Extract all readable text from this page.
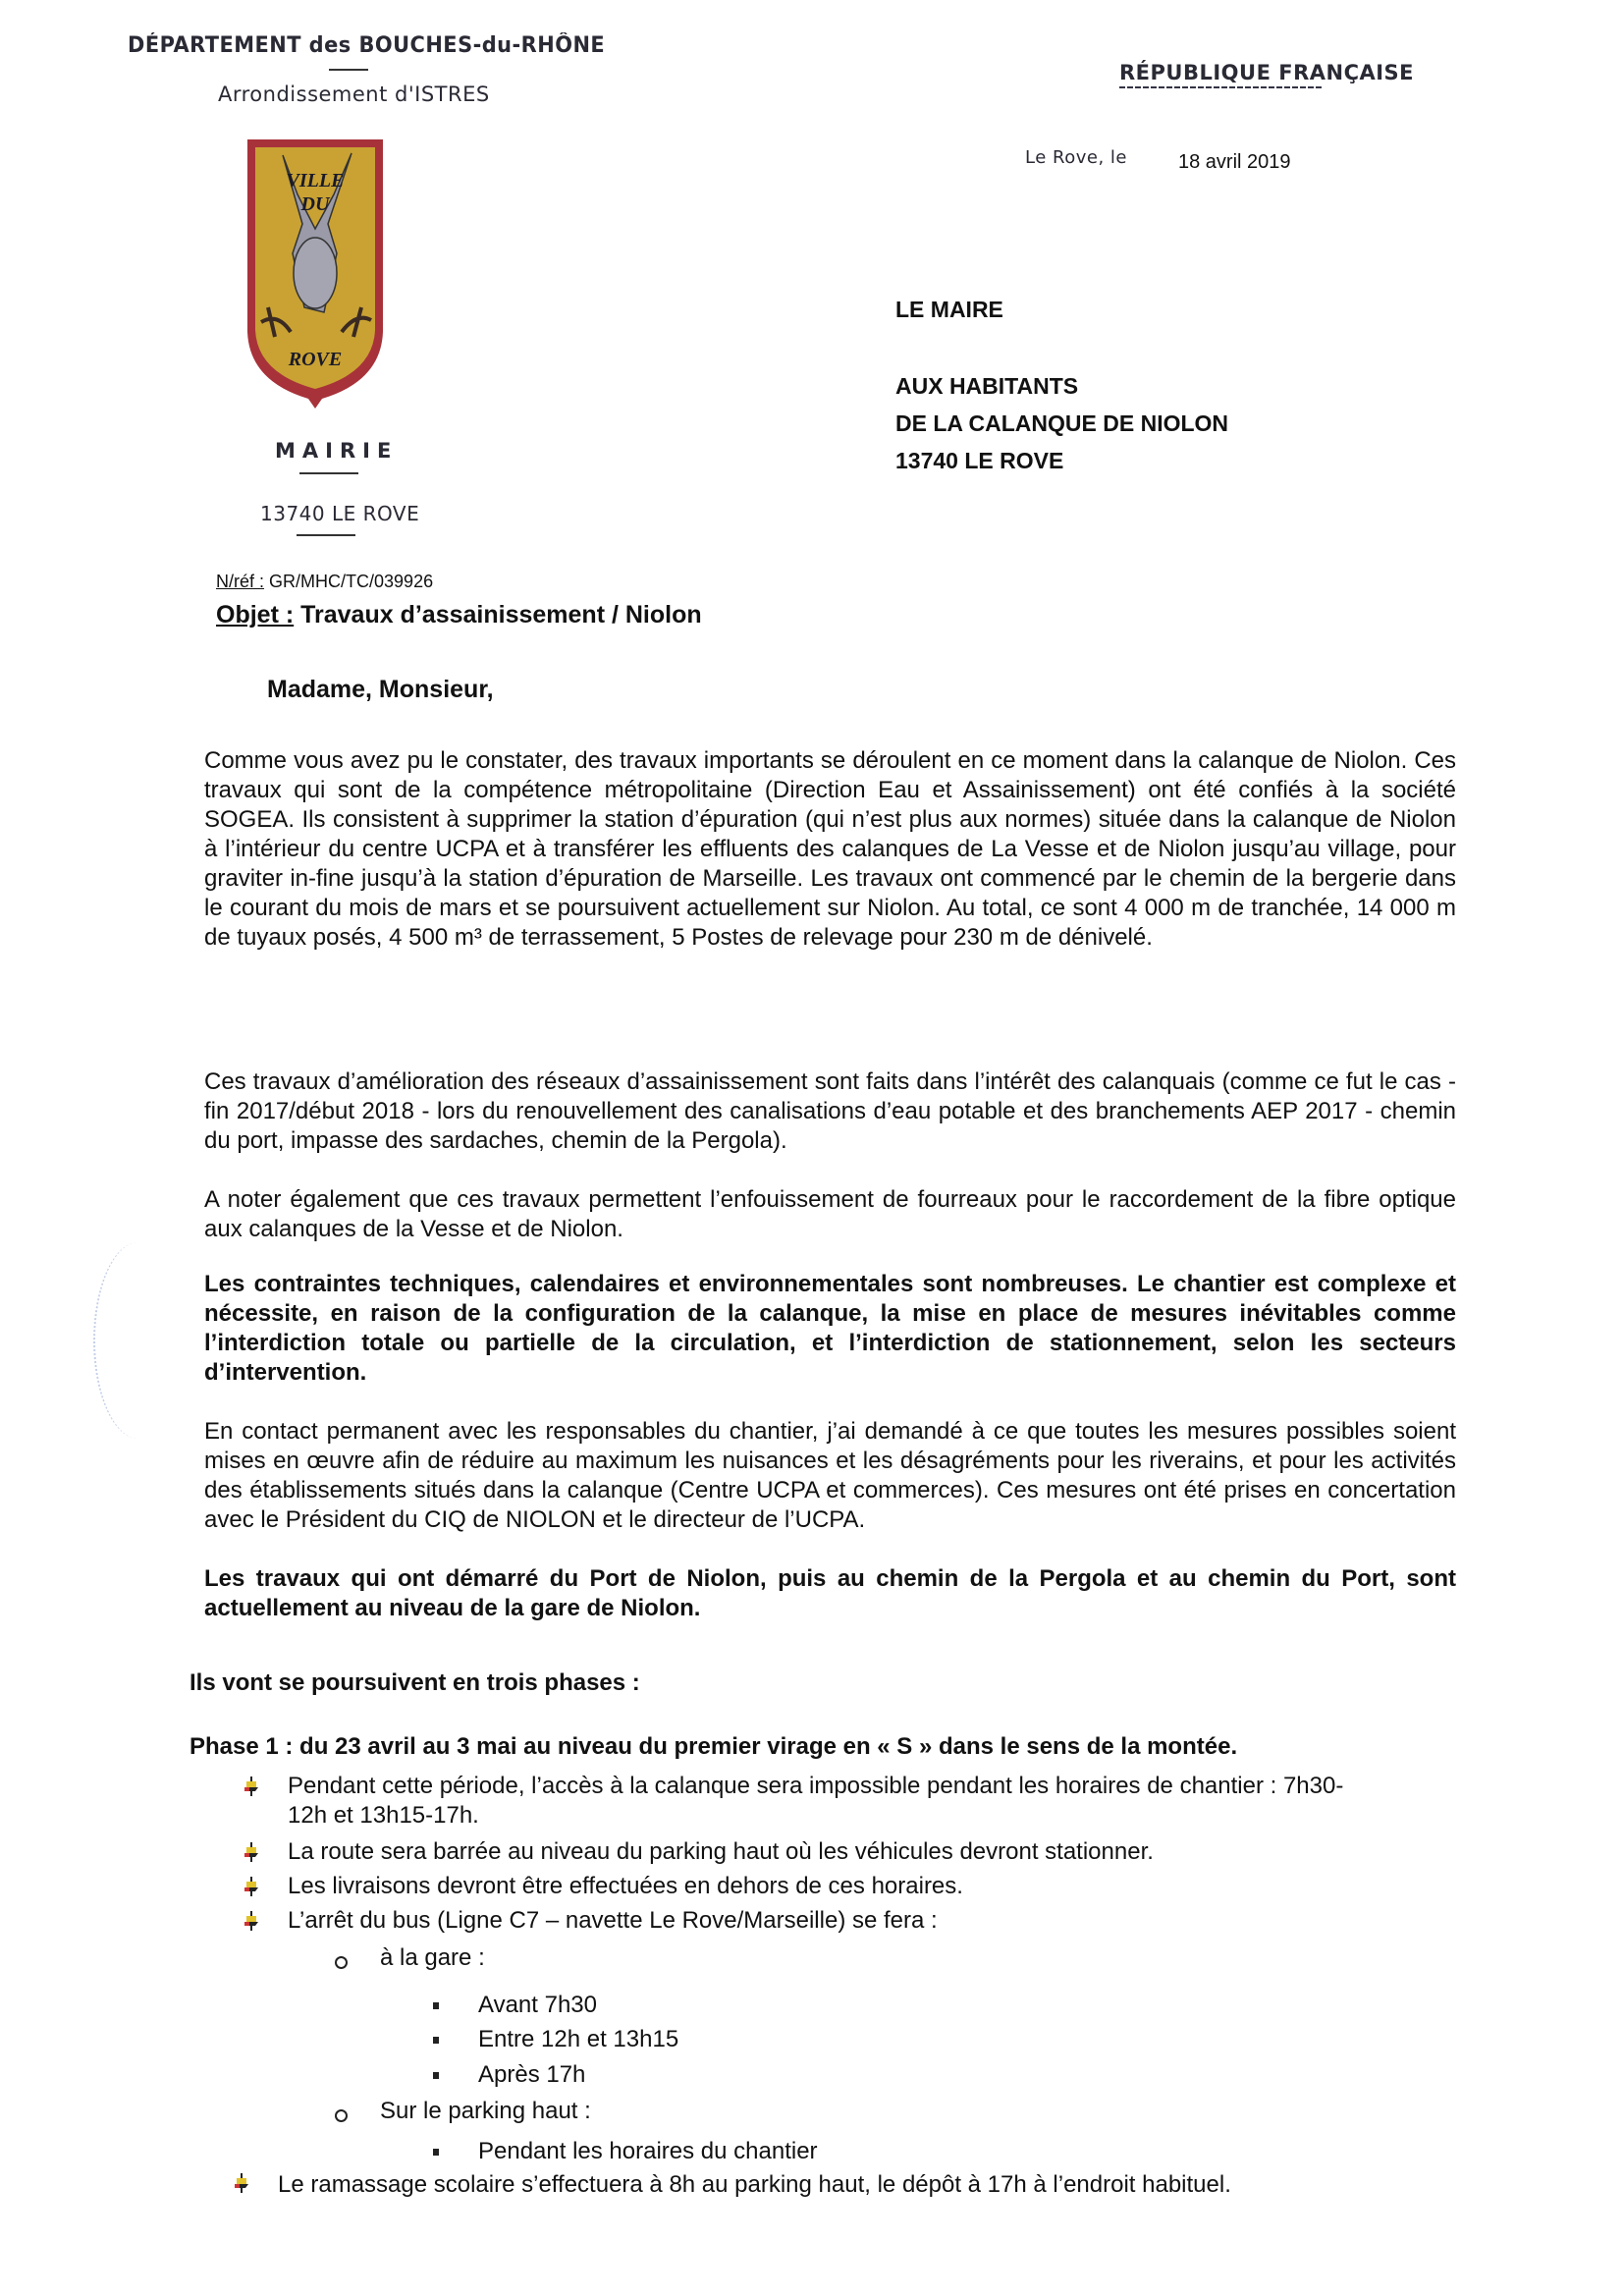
DÉPARTEMENT des BOUCHES-du-RHÔNE
Arrondissement d'ISTRES
RÉPUBLIQUE FRANÇAISE
Le Rove, le	18 avril 2019
VILLE
DU
ROVE
MAIRIE
13740 LE ROVE
LE MAIRE
AUX HABITANTS
DE LA CALANQUE DE NIOLON
13740 LE ROVE
N/réf : GR/MHC/TC/039926
Objet : Travaux d’assainissement / Niolon
Madame, Monsieur,
Comme vous avez pu le constater, des travaux importants se déroulent en ce moment dans la calanque de Niolon. Ces travaux qui sont de la compétence métropolitaine (Direction Eau et Assainissement) ont été confiés à la société SOGEA. Ils consistent à supprimer la station d’épuration (qui n’est plus aux normes) située dans la calanque de Niolon à l’intérieur du centre UCPA et à transférer les effluents des calanques de La Vesse et de Niolon jusqu’au village, pour graviter in-fine jusqu’à la station d’épuration de Marseille. Les travaux ont commencé par le chemin de la bergerie dans le courant du mois de mars et se poursuivent actuellement sur Niolon. Au total, ce sont 4 000 m de tranchée, 14 000 m de tuyaux posés, 4 500 m³ de terrassement, 5 Postes de relevage pour 230 m de dénivelé.
Ces travaux d’amélioration des réseaux d’assainissement sont faits dans l’intérêt des calanquais (comme ce fut le cas - fin 2017/début 2018 - lors du renouvellement des canalisations d’eau potable et des branchements AEP 2017 - chemin du port, impasse des sardaches, chemin de la Pergola).
A noter également que ces travaux permettent l’enfouissement de fourreaux pour le raccordement de la fibre optique aux calanques de la Vesse et de Niolon.
Les contraintes techniques, calendaires et environnementales sont nombreuses. Le chantier est complexe et nécessite, en raison de la configuration de la calanque, la mise en place de mesures inévitables comme l’interdiction totale ou partielle de la circulation, et l’interdiction de stationnement, selon les secteurs d’intervention.
En contact permanent avec les responsables du chantier, j’ai demandé à ce que toutes les mesures possibles soient mises en œuvre afin de réduire au maximum les nuisances et les désagréments pour les riverains, et pour les activités des établissements situés dans la calanque (Centre UCPA et commerces). Ces mesures ont été prises en concertation avec le Président du CIQ de NIOLON et le directeur de l’UCPA.
Les travaux qui ont démarré du Port de Niolon, puis au chemin de la Pergola et au chemin du Port, sont actuellement au niveau de la gare de Niolon.
Ils vont se poursuivent en trois phases :
Phase 1 : du 23 avril au 3 mai au niveau du premier virage en « S » dans le sens de la montée.
Pendant cette période, l’accès à la calanque sera impossible pendant les horaires de chantier : 7h30-
12h et 13h15-17h.
La route sera barrée au niveau du parking haut où les véhicules devront stationner.
Les livraisons devront être effectuées en dehors de ces horaires.
L’arrêt du bus (Ligne C7 – navette Le Rove/Marseille) se fera :
à la gare :
Avant 7h30
Entre 12h et 13h15
Après 17h
Sur le parking haut :
Pendant les horaires du chantier
Le ramassage scolaire s’effectuera à 8h au parking haut, le dépôt à 17h à l’endroit habituel.
